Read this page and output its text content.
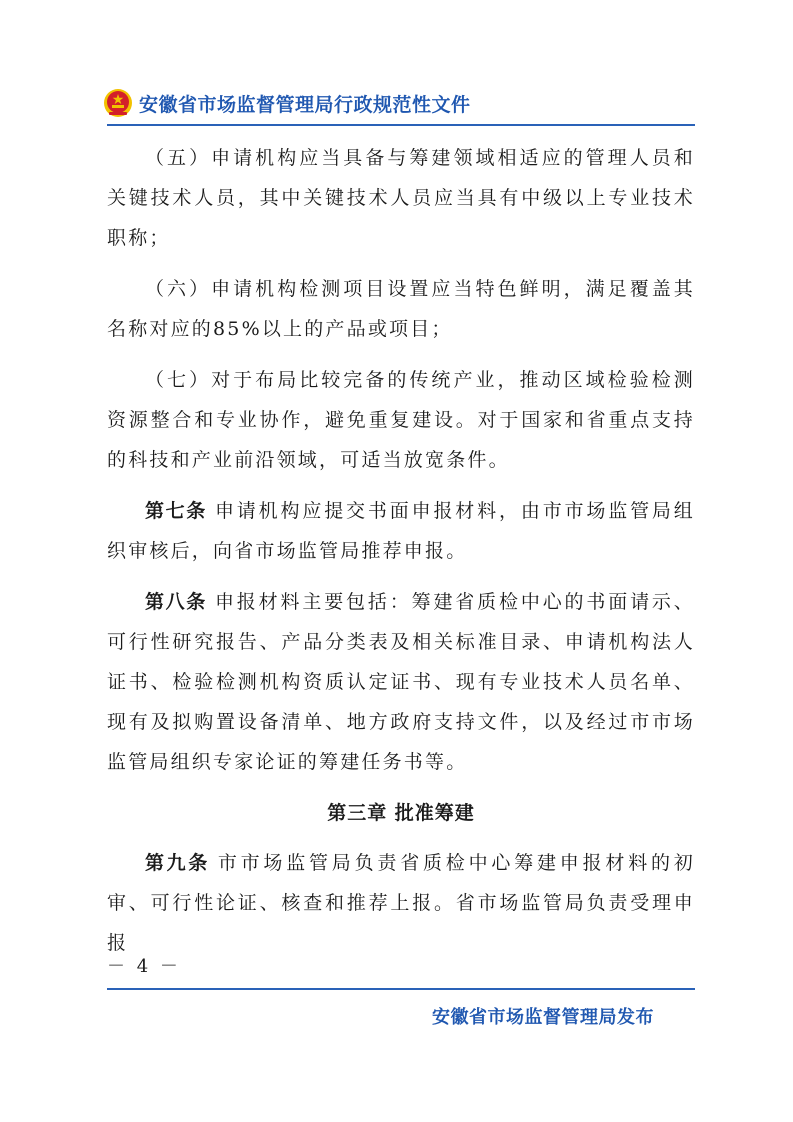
安徽省市场监督管理局行政规范性文件

（五）申请机构应当具备与筹建领域相适应的管理人员和关键技术人员，其中关键技术人员应当具有中级以上专业技术职称；

（六）申请机构检测项目设置应当特色鲜明，满足覆盖其名称对应的85%以上的产品或项目；

（七）对于布局比较完备的传统产业，推动区域检验检测资源整合和专业协作，避免重复建设。对于国家和省重点支持的科技和产业前沿领域，可适当放宽条件。

第七条 申请机构应提交书面申报材料，由市市场监管局组织审核后，向省市场监管局推荐申报。

第八条 申报材料主要包括：筹建省质检中心的书面请示、可行性研究报告、产品分类表及相关标准目录、申请机构法人证书、检验检测机构资质认定证书、现有专业技术人员名单、现有及拟购置设备清单、地方政府支持文件，以及经过市市场监管局组织专家论证的筹建任务书等。

第三章 批准筹建

第九条 市市场监管局负责省质检中心筹建申报材料的初审、可行性论证、核查和推荐上报。省市场监管局负责受理申报

－ 4 －
安徽省市场监督管理局发布
